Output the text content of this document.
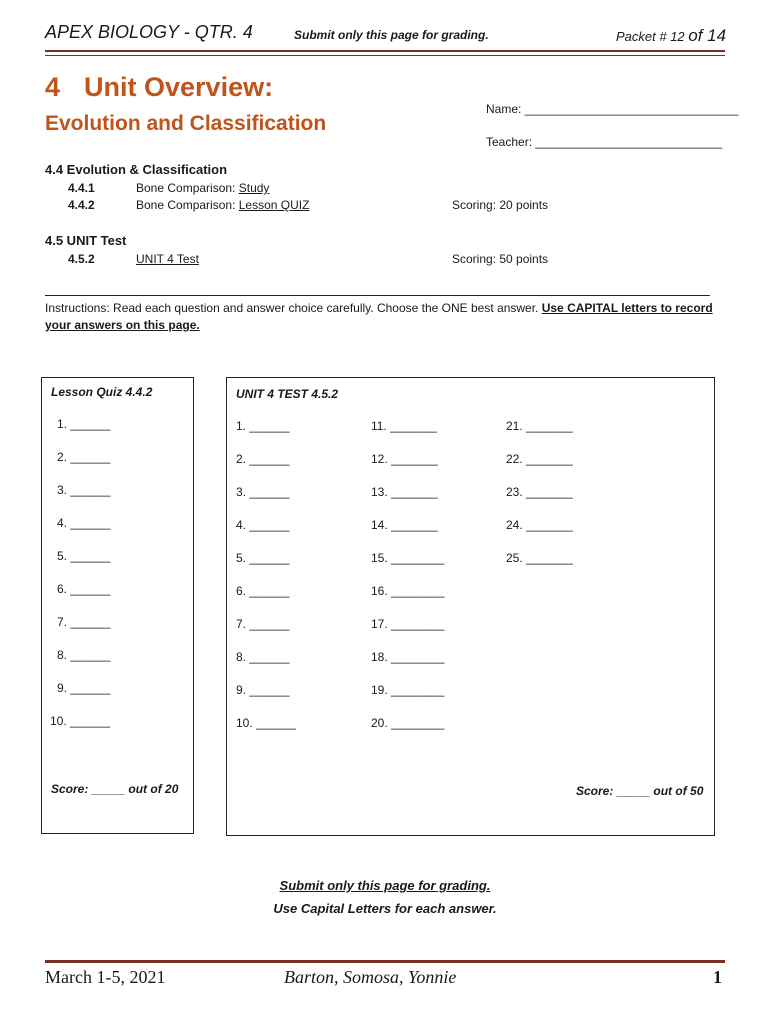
APEX BIOLOGY - QTR. 4	Submit only this page for grading.	Packet # 12 of 14
4 Unit Overview:
Evolution and Classification
Name: ________________________________
Teacher: ____________________________
4.4 Evolution & Classification
4.4.1	Bone Comparison: Study
4.4.2	Bone Comparison: Lesson QUIZ	Scoring: 20 points
4.5 UNIT Test
4.5.2	UNIT 4 Test	Scoring: 50 points
Instructions: Read each question and answer choice carefully. Choose the ONE best answer. Use CAPITAL letters to record your answers on this page.
Lesson Quiz 4.4.2
1. ______
2. ______
3. ______
4. ______
5. ______
6. ______
7. ______
8. ______
9. ______
10. ______
Score: _____ out of 20
UNIT 4 TEST 4.5.2
1. ______
2. ______
3. ______
4. ______
5. ______
6. ______
7. ______
8. ______
9. ______
10. ______
11. _______
12. _______
13. _______
14. _______
15. ________
16. ________
17. ________
18. ________
19. ________
20. ________
21. _______
22. _______
23. _______
24. _______
25. _______
Score: _____ out of 50
Submit only this page for grading.
Use Capital Letters for each answer.
March 1-5, 2021	Barton, Somosa, Yonnie	1
